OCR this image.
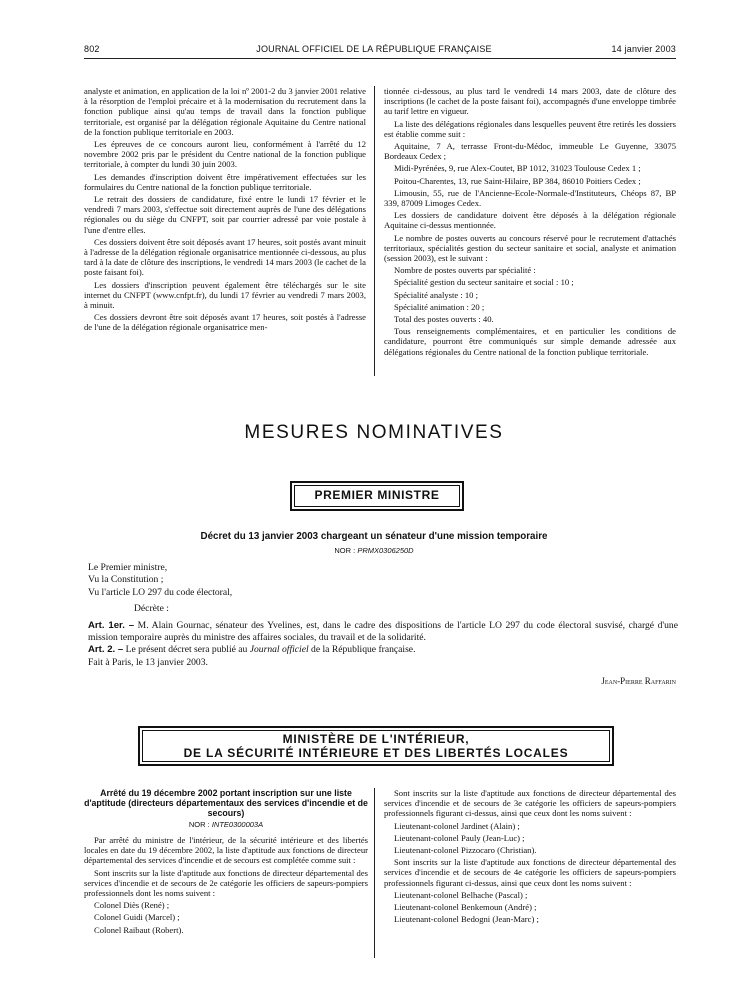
802	JOURNAL OFFICIEL DE LA RÉPUBLIQUE FRANÇAISE	14 janvier 2003

analyste et animation, en application de la loi nº 2001-2 du 3 janvier 2001 relative à la résorption de l'emploi précaire et à la modernisation du recrutement dans la fonction publique ainsi qu'au temps de travail dans la fonction publique territoriale, est organisé par la délégation régionale Aquitaine du Centre national de la fonction publique territoriale en 2003.

Les épreuves de ce concours auront lieu, conformément à l'arrêté du 12 novembre 2002 pris par le président du Centre national de la fonction publique territoriale, à compter du lundi 30 juin 2003.

Les demandes d'inscription doivent être impérativement effectuées sur les formulaires du Centre national de la fonction publique territoriale.

Le retrait des dossiers de candidature, fixé entre le lundi 17 février et le vendredi 7 mars 2003, s'effectue soit directement auprès de l'une des délégations régionales ou du siège du CNFPT, soit par courrier adressé par voie postale à l'une d'entre elles.

Ces dossiers doivent être soit déposés avant 17 heures, soit postés avant minuit à l'adresse de la délégation régionale organisatrice mentionnée ci-dessous, au plus tard à la date de clôture des inscriptions, le vendredi 14 mars 2003 (le cachet de la poste faisant foi).

Les dossiers d'inscription peuvent également être téléchargés sur le site internet du CNFPT (www.cnfpt.fr), du lundi 17 février au vendredi 7 mars 2003, à minuit.

Ces dossiers devront être soit déposés avant 17 heures, soit postés à l'adresse de l'une de la délégation régionale organisatrice men-

tionnée ci-dessous, au plus tard le vendredi 14 mars 2003, date de clôture des inscriptions (le cachet de la poste faisant foi), accompagnés d'une enveloppe timbrée au tarif lettre en vigueur.

La liste des délégations régionales dans lesquelles peuvent être retirés les dossiers est établie comme suit :

Aquitaine, 7 A, terrasse Front-du-Médoc, immeuble Le Guyenne, 33075 Bordeaux Cedex ;

Midi-Pyrénées, 9, rue Alex-Coutet, BP 1012, 31023 Toulouse Cedex 1 ;

Poitou-Charentes, 13, rue Saint-Hilaire, BP 384, 86010 Poitiers Cedex ;

Limousin, 55, rue de l'Ancienne-Ecole-Normale-d'Instituteurs, Chéops 87, BP 339, 87009 Limoges Cedex.

Les dossiers de candidature doivent être déposés à la délégation régionale Aquitaine ci-dessus mentionnée.

Le nombre de postes ouverts au concours réservé pour le recrutement d'attachés territoriaux, spécialités gestion du secteur sanitaire et social, analyste et animation (session 2003), est le suivant :

Nombre de postes ouverts par spécialité :

Spécialité gestion du secteur sanitaire et social : 10 ;

Spécialité analyste : 10 ;

Spécialité animation : 20 ;

Total des postes ouverts : 40.

Tous renseignements complémentaires, et en particulier les conditions de candidature, pourront être communiqués sur simple demande adressée aux délégations régionales du Centre national de la fonction publique territoriale.

MESURES NOMINATIVES
PREMIER MINISTRE
Décret du 13 janvier 2003 chargeant un sénateur d'une mission temporaire
NOR : PRMX0306250D

Le Premier ministre,

Vu la Constitution ;

Vu l'article LO 297 du code électoral,

Décrète :

Art. 1er. – M. Alain Gournac, sénateur des Yvelines, est, dans le cadre des dispositions de l'article LO 297 du code électoral susvisé, chargé d'une mission temporaire auprès du ministre des affaires sociales, du travail et de la solidarité.

Art. 2. – Le présent décret sera publié au Journal officiel de la République française.

Fait à Paris, le 13 janvier 2003.

Jean-Pierre Raffarin
MINISTÈRE DE L'INTÉRIEUR,
DE LA SÉCURITÉ INTÉRIEURE ET DES LIBERTÉS LOCALES
Arrêté du 19 décembre 2002 portant inscription sur une liste d'aptitude (directeurs départementaux des services d'incendie et de secours)
NOR : INTE0300003A

Par arrêté du ministre de l'intérieur, de la sécurité intérieure et des libertés locales en date du 19 décembre 2002, la liste d'aptitude aux fonctions de directeur départemental des services d'incendie et de secours est complétée comme suit :

Sont inscrits sur la liste d'aptitude aux fonctions de directeur départemental des services d'incendie et de secours de 2e catégorie les officiers de sapeurs-pompiers professionnels dont les noms suivent :

Colonel Diès (René) ;

Colonel Guidi (Marcel) ;

Colonel Raibaut (Robert).

Sont inscrits sur la liste d'aptitude aux fonctions de directeur départemental des services d'incendie et de secours de 3e catégorie les officiers de sapeurs-pompiers professionnels figurant ci-dessus, ainsi que ceux dont les noms suivent :

Lieutenant-colonel Jardinet (Alain) ;

Lieutenant-colonel Pauly (Jean-Luc) ;

Lieutenant-colonel Pizzocaro (Christian).

Sont inscrits sur la liste d'aptitude aux fonctions de directeur départemental des services d'incendie et de secours de 4e catégorie les officiers de sapeurs-pompiers professionnels figurant ci-dessus, ainsi que ceux dont les noms suivent :

Lieutenant-colonel Belhache (Pascal) ;

Lieutenant-colonel Benkemoun (André) ;

Lieutenant-colonel Bedogni (Jean-Marc) ;
